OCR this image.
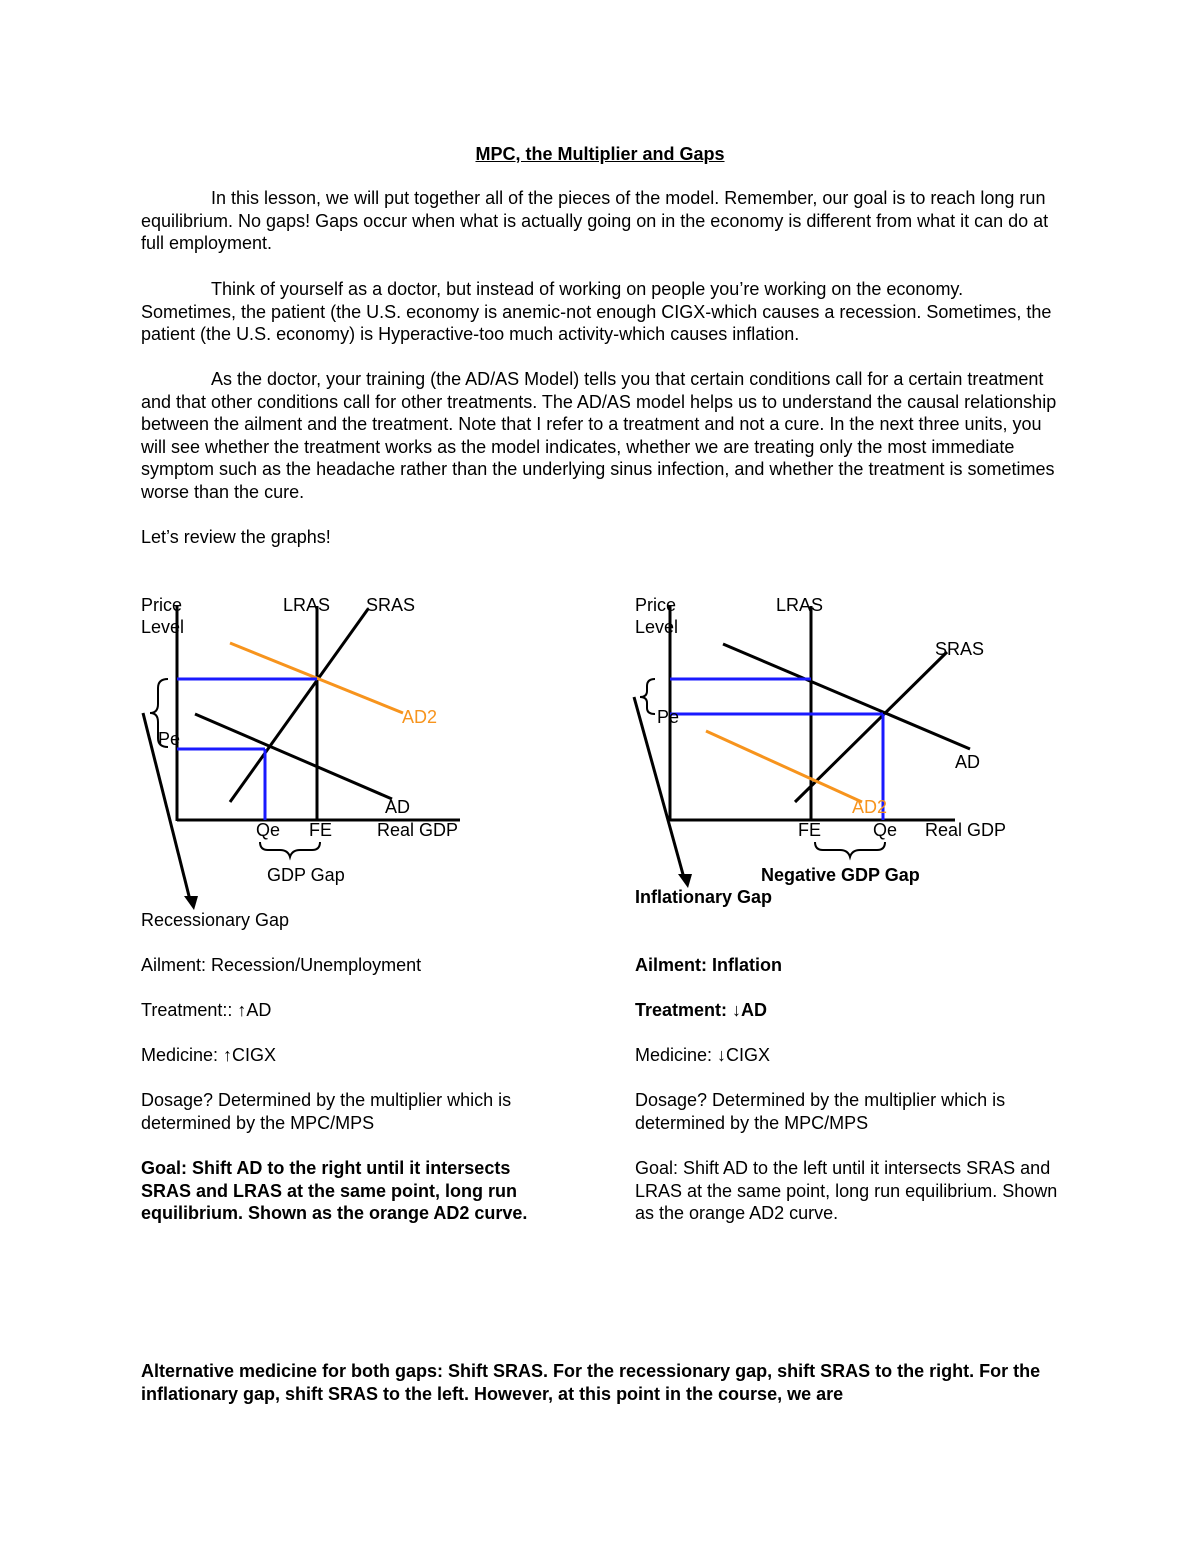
MPC, the Multiplier and Gaps

In this lesson, we will put together all of the pieces of the model. Remember, our goal is to reach long run equilibrium. No gaps! Gaps occur when what is actually going on in the economy is different from what it can do at full employment.

Think of yourself as a doctor, but instead of working on people you’re working on the economy. Sometimes, the patient (the U.S. economy is anemic-not enough CIGX-which causes a recession. Sometimes, the patient (the U.S. economy) is Hyperactive-too much activity-which causes inflation.

As the doctor, your training (the AD/AS Model) tells you that certain conditions call for a certain treatment and that other conditions call for other treatments. The AD/AS model helps us to understand the causal relationship between the ailment and the treatment. Note that I refer to a treatment and not a cure. In the next three units, you will see whether the treatment works as the model indicates, whether we are treating only the most immediate symptom such as the headache rather than the underlying sinus infection, and whether the treatment is sometimes worse than the cure.

Let’s review the graphs!

Price

Level

LRAS SRAS

AD2

Pe

AD

Qe FE Real GDP

GDP Gap

Recessionary Gap

Price

Level

LRAS

SRAS

Pe

AD

AD2

FE	Qe Real GDP

Negative GDP Gap

Inflationary Gap

Ailment: Recession/Unemployment

Treatment:: ↑AD

Medicine: ↑CIGX

Dosage? Determined by the multiplier which is determined by the MPC/MPS

Goal: Shift AD to the right until it intersects SRAS and LRAS at the same point, long run equilibrium. Shown as the orange AD2 curve.

Ailment: Inflation

Treatment: ↓AD

Medicine: ↓CIGX

Dosage? Determined by the multiplier which is determined by the MPC/MPS

Goal: Shift AD to the left until it intersects SRAS and LRAS at the same point, long run equilibrium. Shown as the orange AD2 curve.

Alternative medicine for both gaps: Shift SRAS. For the recessionary gap, shift SRAS to the right. For the inflationary gap, shift SRAS to the left. However, at this point in the course, we are
